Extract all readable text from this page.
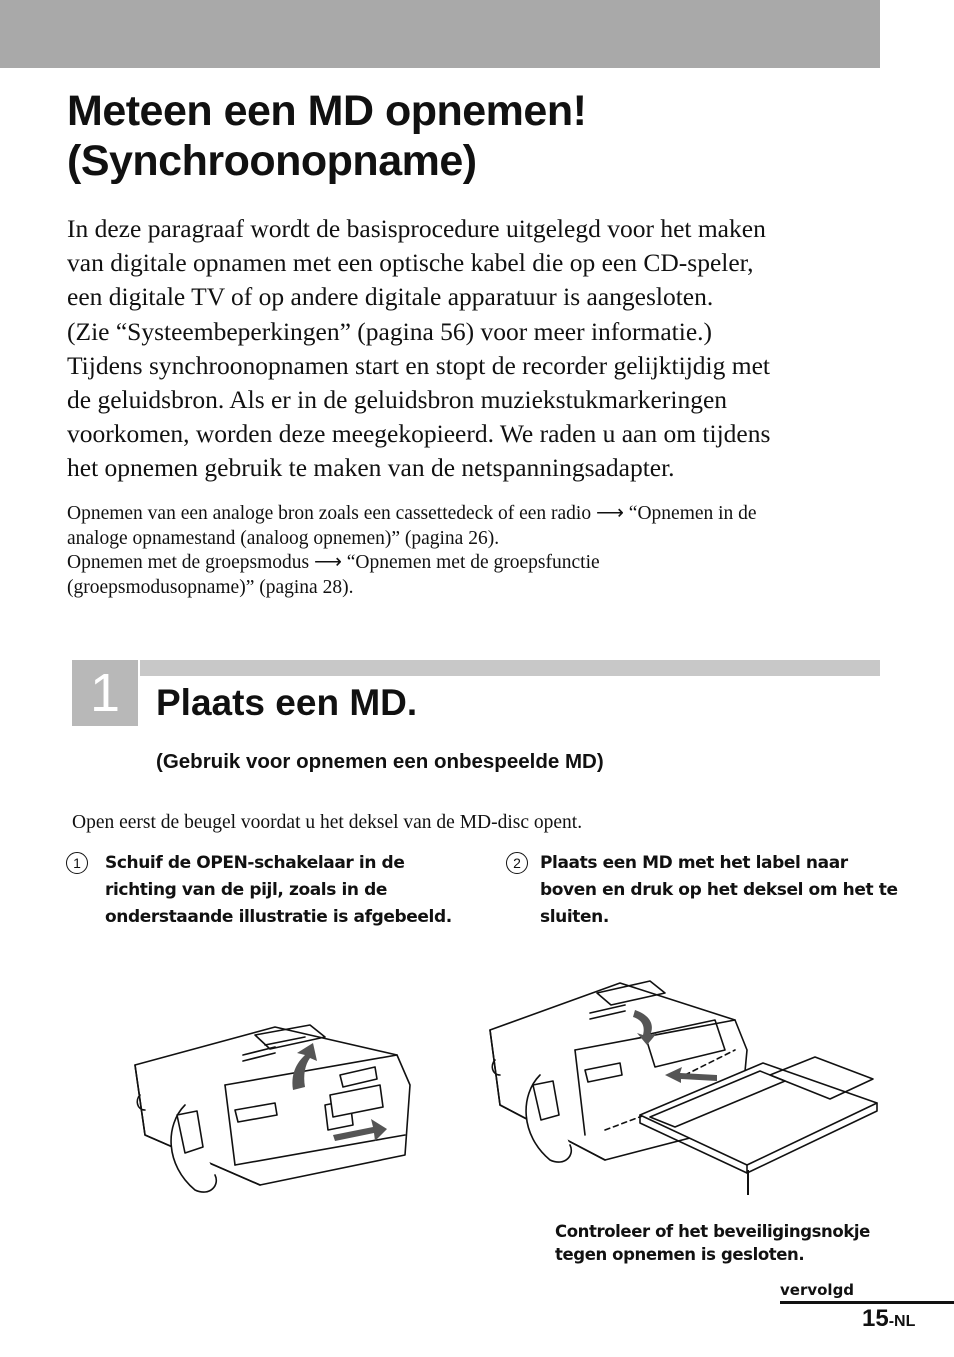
Meteen een MD opnemen!
(Synchroonopname)

In deze paragraaf wordt de basisprocedure uitgelegd voor het maken
van digitale opnamen met een optische kabel die op een CD-speler,
een digitale TV of op andere digitale apparatuur is aangesloten.
(Zie “Systeembeperkingen” (pagina 56) voor meer informatie.)
Tijdens synchroonopnamen start en stopt de recorder gelijktijdig met
de geluidsbron. Als er in de geluidsbron muziekstukmarkeringen
voorkomen, worden deze meegekopieerd. We raden u aan om tijdens
het opnemen gebruik te maken van de netspanningsadapter.

Opnemen van een analoge bron zoals een cassettedeck of een radio ⟶ “Opnemen in de
analoge opnamestand (analoog opnemen)” (pagina 26).
Opnemen met de groepsmodus ⟶ “Opnemen met de groepsfunctie
(groepsmodusopname)” (pagina 28).

1 Plaats een MD.

(Gebruik voor opnemen een onbespeelde MD)

Open eerst de beugel voordat u het deksel van de MD-disc opent.

1	Schuif de OPEN-schakelaar in de
richting van de pijl, zoals in de
onderstaande illustratie is afgebeeld.
2	Plaats een MD met het label naar
boven en druk op het deksel om het te
sluiten.
Controleer of het beveiligingsnokje
tegen opnemen is gesloten.
vervolgd
15-NL
